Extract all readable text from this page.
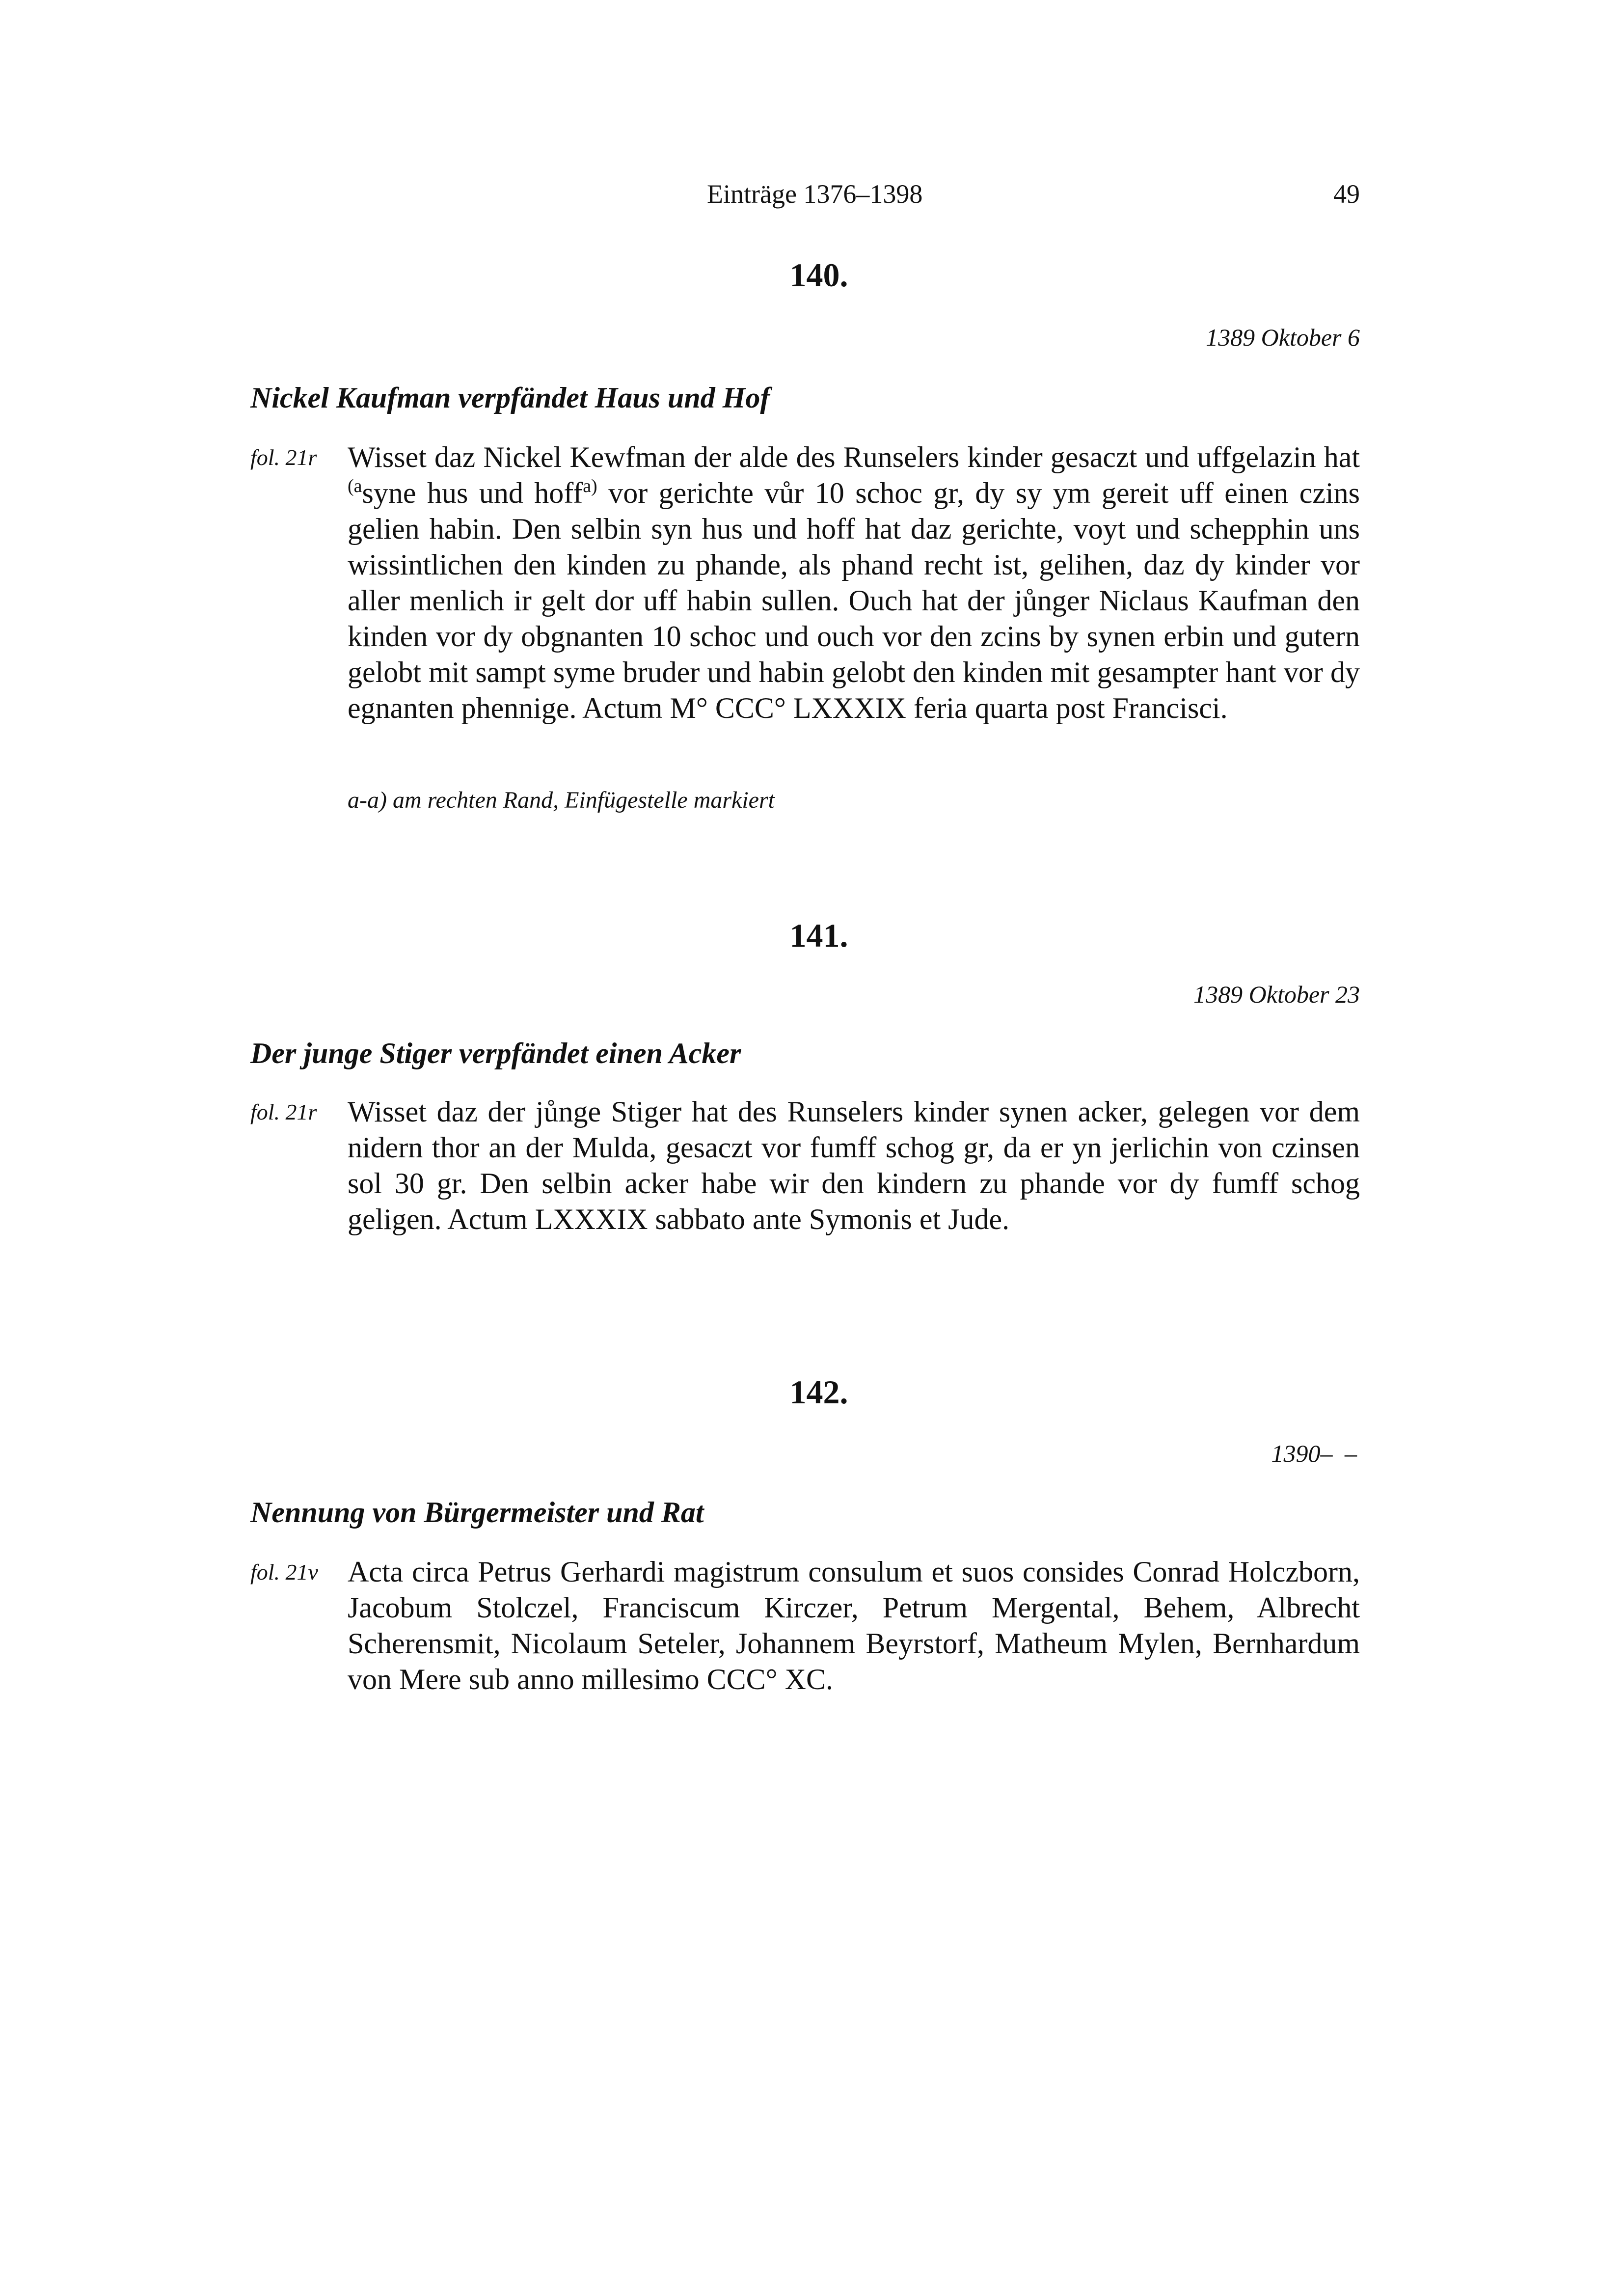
Einträge 1376–1398	49
140.
1389 Oktober 6
Nickel Kaufman verpfändet Haus und Hof
fol. 21r Wisset daz Nickel Kewfman der alde des Runselers kinder gesaczt und uffgelazin hat $^{(a}$syne hus und hoff$^{a)}$ vor gerichte vůr 10 schoc gr, dy sy ym gereit uff einen czins gelien habin. Den selbin syn hus und hoff hat daz gerichte, voyt und schepphin uns wissintlichen den kinden zu phande, als phand recht ist, gelihen, daz dy kinder vor aller menlich ir gelt dor uff habin sullen. Ouch hat der jůnger Niclaus Kaufman den kinden vor dy obgnanten 10 schoc und ouch vor den zcins by synen erbin und gutern gelobt mit sampt syme bruder und habin gelobt den kinden mit gesampter hant vor dy egnanten phennige. Actum M° CCC° LXXXIX feria quarta post Francisci.
a-a) am rechten Rand, Einfügestelle markiert
141.
1389 Oktober 23
Der junge Stiger verpfändet einen Acker
fol. 21r Wisset daz der jůnge Stiger hat des Runselers kinder synen acker, gelegen vor dem nidern thor an der Mulda, gesaczt vor fumff schog gr, da er yn jerlichin von czinsen sol 30 gr. Den selbin acker habe wir den kindern zu phande vor dy fumff schog geligen. Actum LXXXIX sabbato ante Symonis et Jude.
142.
1390– –
Nennung von Bürgermeister und Rat
fol. 21v Acta circa Petrus Gerhardi magistrum consulum et suos consides Conrad Holczborn, Jacobum Stolczel, Franciscum Kirczer, Petrum Mergental, Behem, Albrecht Scherensmit, Nicolaum Seteler, Johannem Beyrstorf, Matheum Mylen, Bernhardum von Mere sub anno millesimo CCC° XC.
